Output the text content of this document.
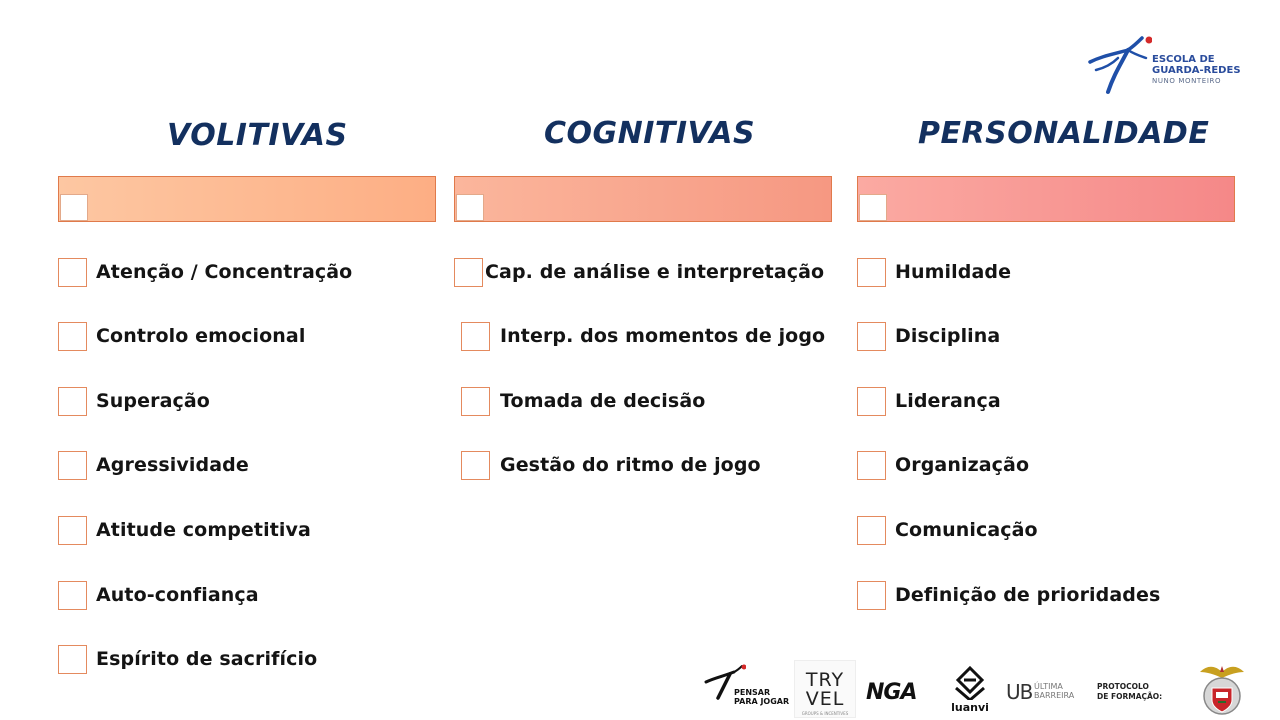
ESCOLA DE
GUARDA-REDES
NUNO MONTEIRO
VOLITIVAS	COGNITIVAS	PERSONALIDADE
Atenção / Concentração
Controlo emocional
Superação
Agressividade
Atitude competitiva
Auto-confiança
Espírito de sacrifício
Cap. de análise e interpretação
Interp. dos momentos de jogo
Tomada de decisão
Gestão do ritmo de jogo
Humildade
Disciplina
Liderança
Organização
Comunicação
Definição de prioridades
PENSAR
PARA JOGAR
TRY
VEL
GROUPS & INCENTIVES
NGA
luanvi
UB ÚLTIMA
BARREIRA
PROTOCOLO
DE FORMAÇÃO:
